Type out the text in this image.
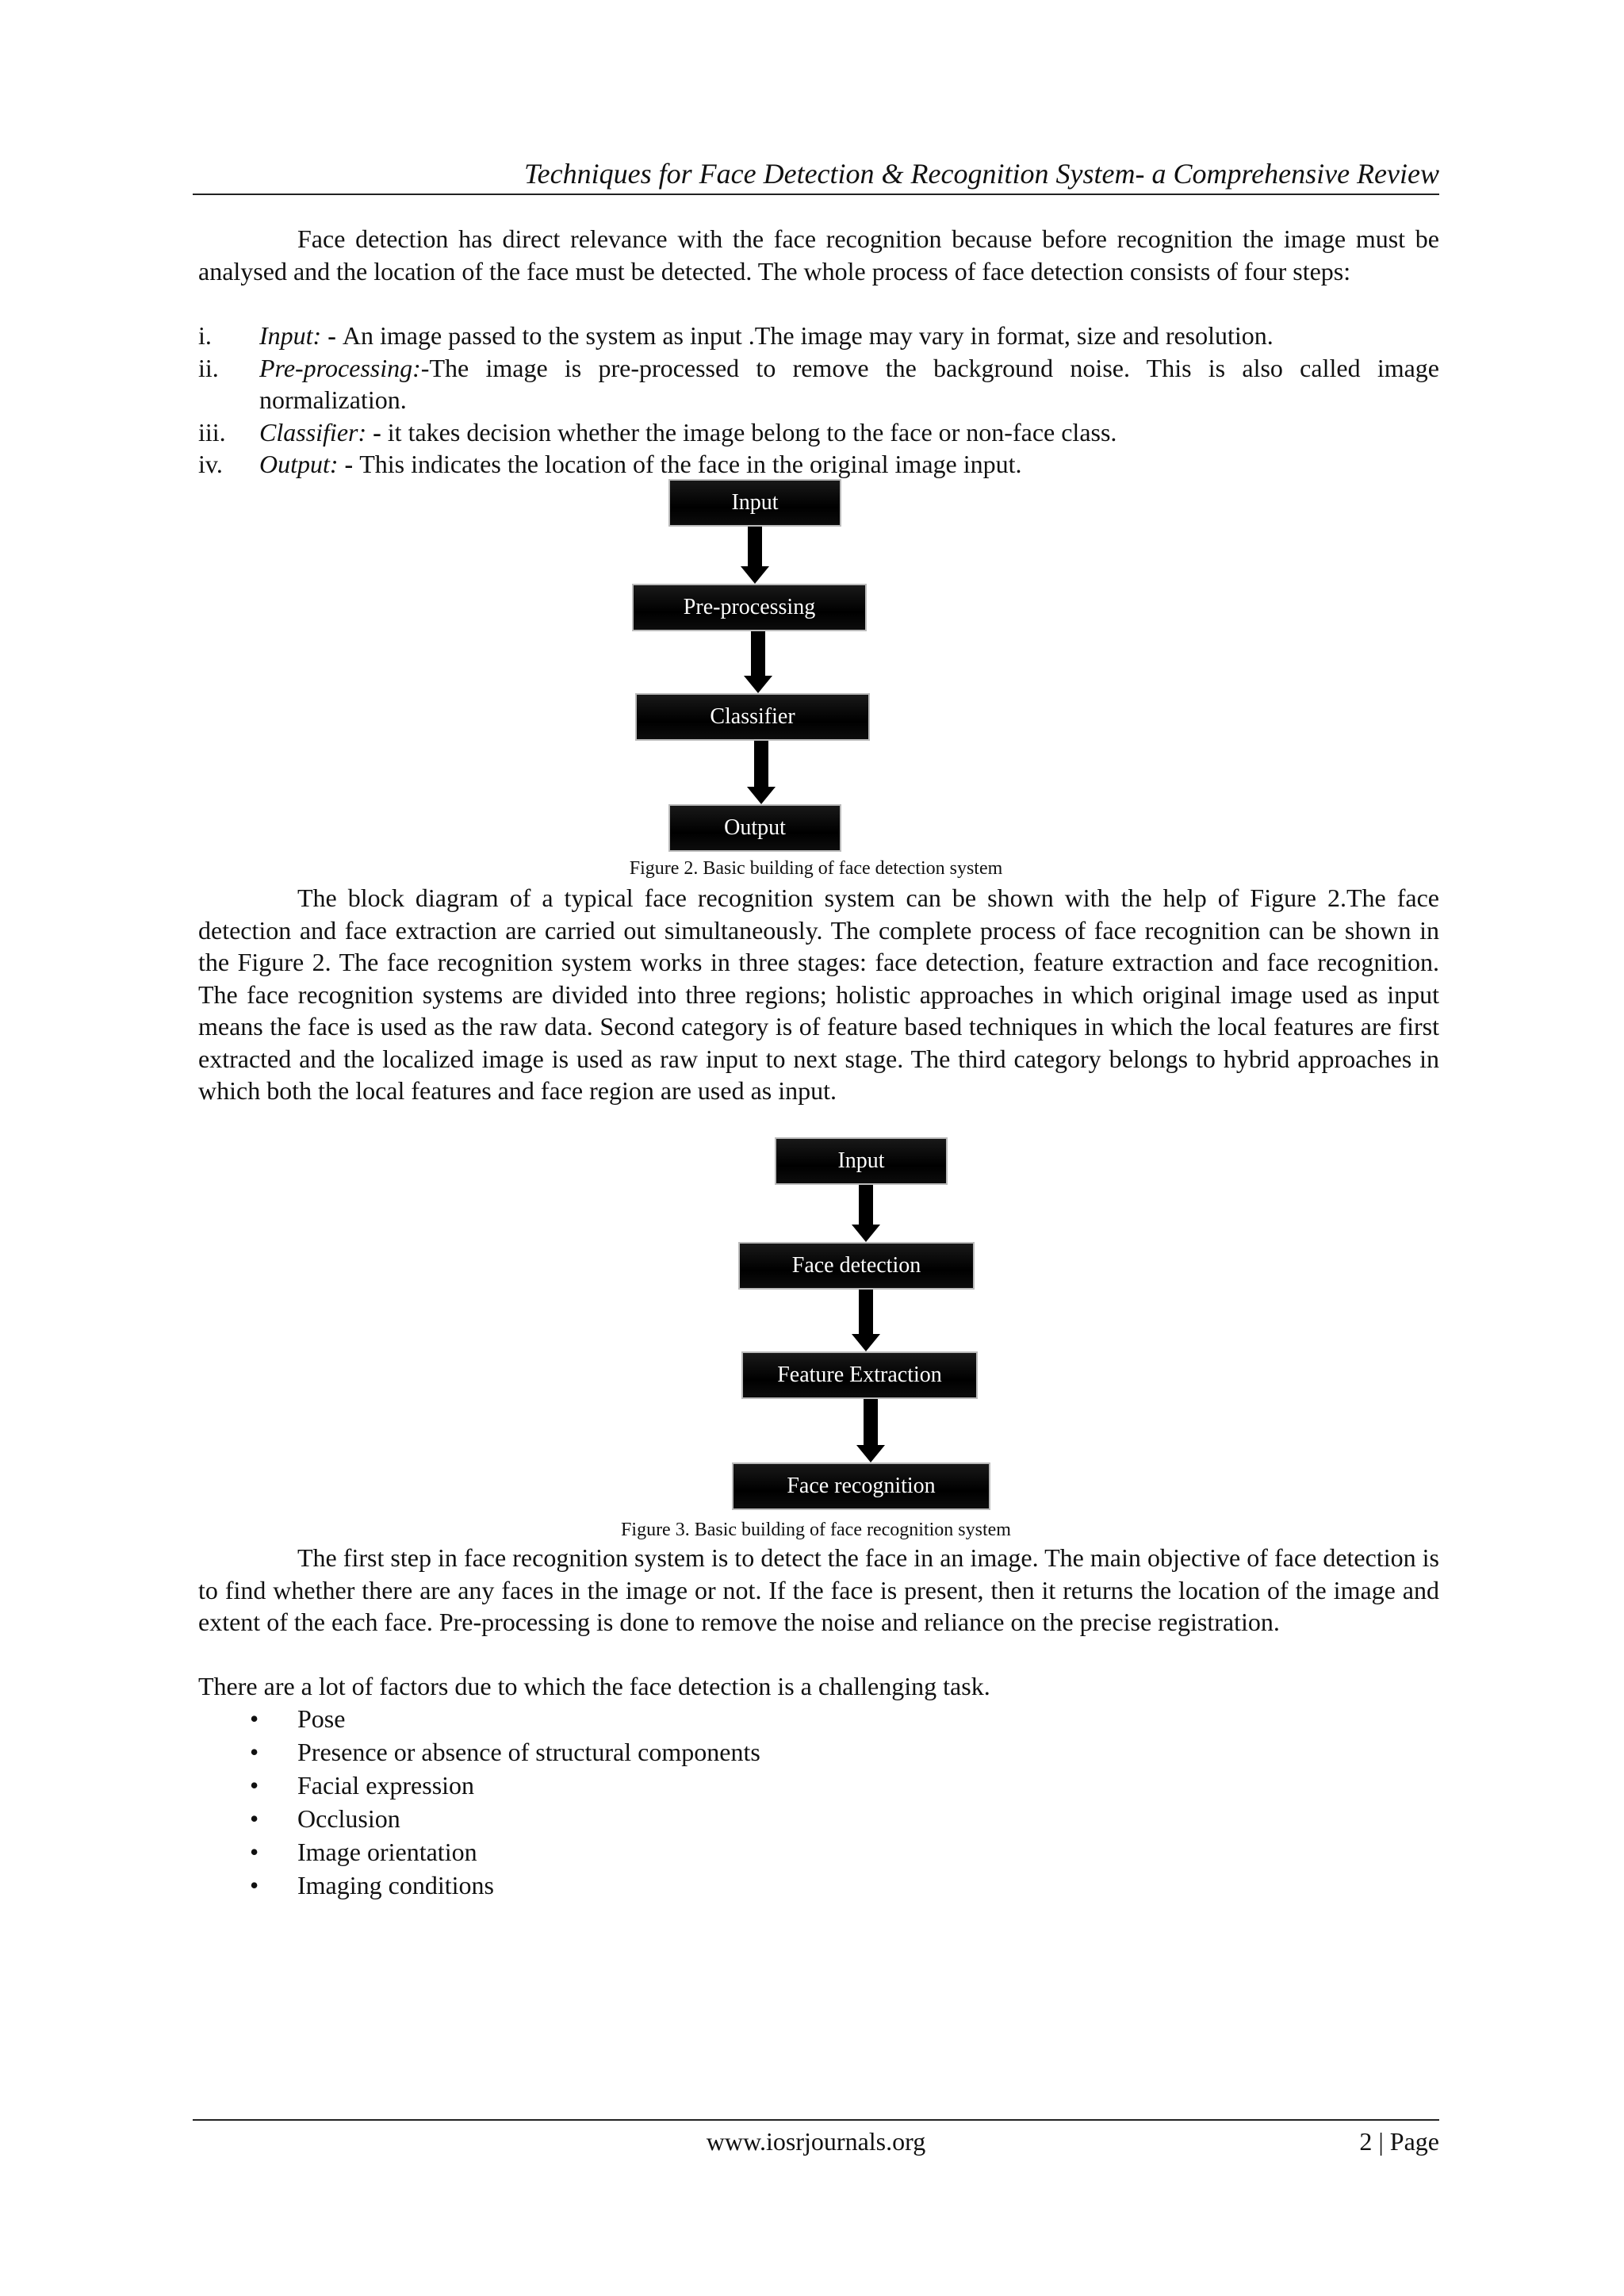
Techniques for Face Detection & Recognition System- a Comprehensive Review
Face detection has direct relevance with the face recognition because before recognition the image must be analysed and the location of the face must be detected. The whole process of face detection consists of four steps:
i.	Input: - An image passed to the system as input .The image may vary in format, size and resolution.
ii.	Pre-processing:-The image is pre-processed to remove the background noise. This is also called image normalization.
iii.	Classifier: - it takes decision whether the image belong to the face or non-face class.
iv.	Output: - This indicates the location of the face in the original image input.
Input
Pre-processing
Classifier
Output
Figure 2. Basic building of face detection system
The block diagram of a typical face recognition system can be shown with the help of Figure 2.The face detection and face extraction are carried out simultaneously. The complete process of face recognition can be shown in the Figure 2. The face recognition system works in three stages: face detection, feature extraction and face recognition. The face recognition systems are divided into three regions; holistic approaches in which original image used as input means the face is used as the raw data. Second category is of feature based techniques in which the local features are first extracted and the localized image is used as raw input to next stage. The third category belongs to hybrid approaches in which both the local features and face region are used as input.
Input
Face detection
Feature Extraction
Face recognition
Figure 3. Basic building of face recognition system
The first step in face recognition system is to detect the face in an image. The main objective of face detection is to find whether there are any faces in the image or not. If the face is present, then it returns the location of the image and extent of the each face. Pre-processing is done to remove the noise and reliance on the precise registration.
There are a lot of factors due to which the face detection is a challenging task.
•	Pose
•	Presence or absence of structural components
•	Facial expression
•	Occlusion
•	Image orientation
•	Imaging conditions
www.iosrjournals.org	2 | Page
